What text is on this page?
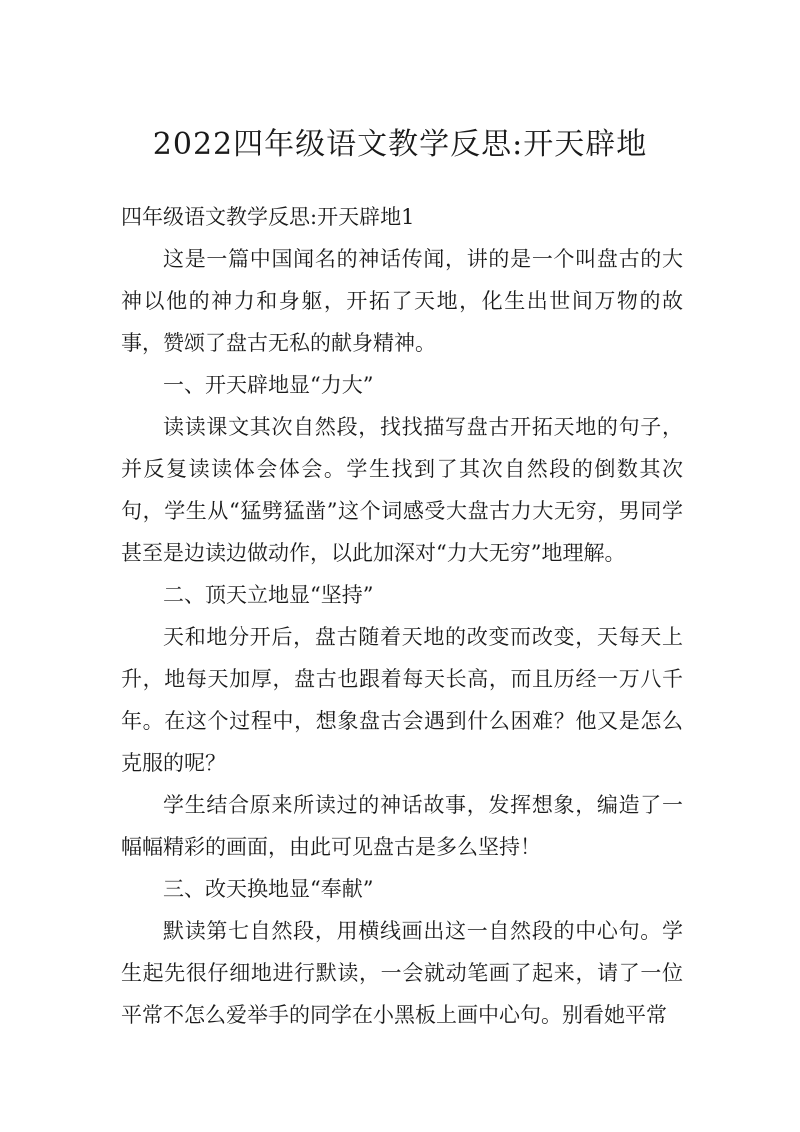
2022四年级语文教学反思:开天辟地

四年级语文教学反思:开天辟地1

这是一篇中国闻名的神话传闻，讲的是一个叫盘古的大神以他的神力和身躯，开拓了天地，化生出世间万物的故事，赞颂了盘古无私的献身精神。

一、开天辟地显“力大”

读读课文其次自然段，找找描写盘古开拓天地的句子，并反复读读体会体会。学生找到了其次自然段的倒数其次句，学生从“猛劈猛凿”这个词感受大盘古力大无穷，男同学甚至是边读边做动作，以此加深对“力大无穷”地理解。

二、顶天立地显“坚持”

天和地分开后，盘古随着天地的改变而改变，天每天上升，地每天加厚，盘古也跟着每天长高，而且历经一万八千年。在这个过程中，想象盘古会遇到什么困难？他又是怎么克服的呢？

学生结合原来所读过的神话故事，发挥想象，编造了一幅幅精彩的画面，由此可见盘古是多么坚持！

三、改天换地显“奉献”

默读第七自然段，用横线画出这一自然段的中心句。学生起先很仔细地进行默读，一会就动笔画了起来，请了一位平常不怎么爱举手的同学在小黑板上画中心句。别看她平常
